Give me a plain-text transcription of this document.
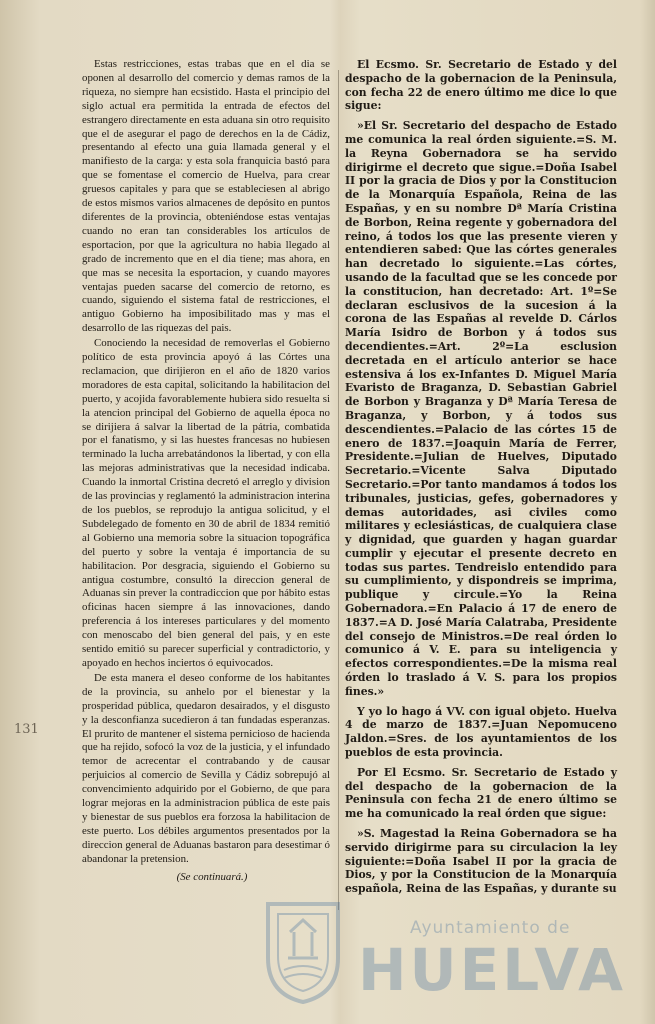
131

Estas restricciones, estas trabas que en el dia se oponen al desarrollo del comercio y demas ramos de la riqueza, no siempre han ecsistido. Hasta el principio del siglo actual era permitida la entrada de efectos del estrangero directamente en esta aduana sin otro requisito que el de asegurar el pago de derechos en la de Cádiz, presentando al efecto una guia llamada general y el manifiesto de la carga: y esta sola franquicia bastó para que se fomentase el comercio de Huelva, para crear gruesos capitales y para que se estableciesen al abrigo de estos mismos varios almacenes de depósito en puntos diferentes de la provincia, obteniéndose estas ventajas cuando no eran tan considerables los artículos de esportacion, por que la agricultura no habia llegado al grado de incremento que en el dia tiene; mas ahora, en que mas se necesita la esportacion, y cuando mayores ventajas pueden sacarse del comercio de retorno, es cuando, siguiendo el sistema fatal de restricciones, el antiguo Gobierno ha imposibilitado mas y mas el desarrollo de las riquezas del pais.

Conociendo la necesidad de removerlas el Gobierno político de esta provincia apoyó á las Córtes una reclamacion, que dirijieron en el año de 1820 varios moradores de esta capital, solicitando la habilitacion del puerto, y acojida favorablemente hubiera sido resuelta si la atencion principal del Gobierno de aquella época no se dirijiera á salvar la libertad de la pátria, combatida por el fanatismo, y si las huestes francesas no hubiesen terminado la lucha arrebatándonos la libertad, y con ella las mejoras administrativas que la necesidad indicaba. Cuando la inmortal Cristina decretó el arreglo y division de las provincias y reglamentó la administracion interina de los pueblos, se reprodujo la antigua solicitud, y el Subdelegado de fomento en 30 de abril de 1834 remitió al Gobierno una memoria sobre la situacion topográfica del puerto y sobre la ventaja é importancia de su habilitacion. Por desgracia, siguiendo el Gobierno su antigua costumbre, consultó la direccion general de Aduanas sin prever la contradiccion que por hábito estas oficinas hacen siempre á las innovaciones, dando preferencia á los intereses particulares y del momento con menoscabo del bien general del pais, y en este sentido emitió su parecer superficial y contradictorio, y apoyado en hechos inciertos ó equivocados.

De esta manera el deseo conforme de los habitantes de la provincia, su anhelo por el bienestar y la prosperidad pública, quedaron desairados, y el disgusto y la desconfianza sucedieron á tan fundadas esperanzas. El prurito de mantener el sistema pernicioso de hacienda que ha rejido, sofocó la voz de la justicia, y el infundado temor de acrecentar el contrabando y de causar perjuicios al comercio de Sevilla y Cádiz sobrepujó al convencimiento adquirido por el Gobierno, de que para lograr mejoras en la administracion pública de este pais y bienestar de sus pueblos era forzosa la habilitacion de este puerto. Los débiles argumentos presentados por la direccion general de Aduanas bastaron para desestimar ó abandonar la pretension.

(Se continuará.)

El Ecsmo. Sr. Secretario de Estado y del despacho de la gobernacion de la Peninsula, con fecha 22 de enero último me dice lo que sigue:

»El Sr. Secretario del despacho de Estado me comunica la real órden siguiente.=S. M. la Reyna Gobernadora se ha servido dirigirme el decreto que sigue.=Doña Isabel II por la gracia de Dios y por la Constitucion de la Monarquía Española, Reina de las Españas, y en su nombre Dª María Cristina de Borbon, Reina regente y gobernadora del reino, á todos los que las presente vieren y entendieren sabed: Que las córtes generales han decretado lo siguiente.=Las córtes, usando de la facultad que se les concede por la constitucion, han decretado: Art. 1º=Se declaran esclusivos de la sucesion á la corona de las Españas al revelde D. Cárlos María Isidro de Borbon y á todos sus decendientes.=Art. 2º=La esclusion decretada en el artículo anterior se hace estensiva á los ex-Infantes D. Miguel María Evaristo de Braganza, D. Sebastian Gabriel de Borbon y Braganza y Dª María Teresa de Braganza, y Borbon, y á todos sus descendientes.=Palacio de las córtes 15 de enero de 1837.=Joaquin María de Ferrer, Presidente.=Julian de Huelves, Diputado Secretario.=Vicente Salva Diputado Secretario.=Por tanto mandamos á todos los tribunales, justicias, gefes, gobernadores y demas autoridades, asi civiles como militares y eclesiásticas, de cualquiera clase y dignidad, que guarden y hagan guardar cumplir y ejecutar el presente decreto en todas sus partes. Tendreislo entendido para su cumplimiento, y dispondreis se imprima, publique y circule.=Yo la Reina Gobernadora.=En Palacio á 17 de enero de 1837.=A D. José María Calatraba, Presidente del consejo de Ministros.=De real órden lo comunico á V. E. para su inteligencia y efectos correspondientes.=De la misma real órden lo traslado á V. S. para los propios fines.»

Y yo lo hago á VV. con igual objeto. Huelva 4 de marzo de 1837.=Juan Nepomuceno Jaldon.=Sres. de los ayuntamientos de los pueblos de esta provincia.

Por El Ecsmo. Sr. Secretario de Estado y del despacho de la gobernacion de la Peninsula con fecha 21 de enero último se me ha comunicado la real órden que sigue:

»S. Magestad la Reina Gobernadora se ha servido dirigirme para su circulacion la ley siguiente:=Doña Isabel II por la gracia de Dios, y por la Constitucion de la Monarquía española, Reina de las Españas, y durante su

Ayuntamiento de
HUELVA
